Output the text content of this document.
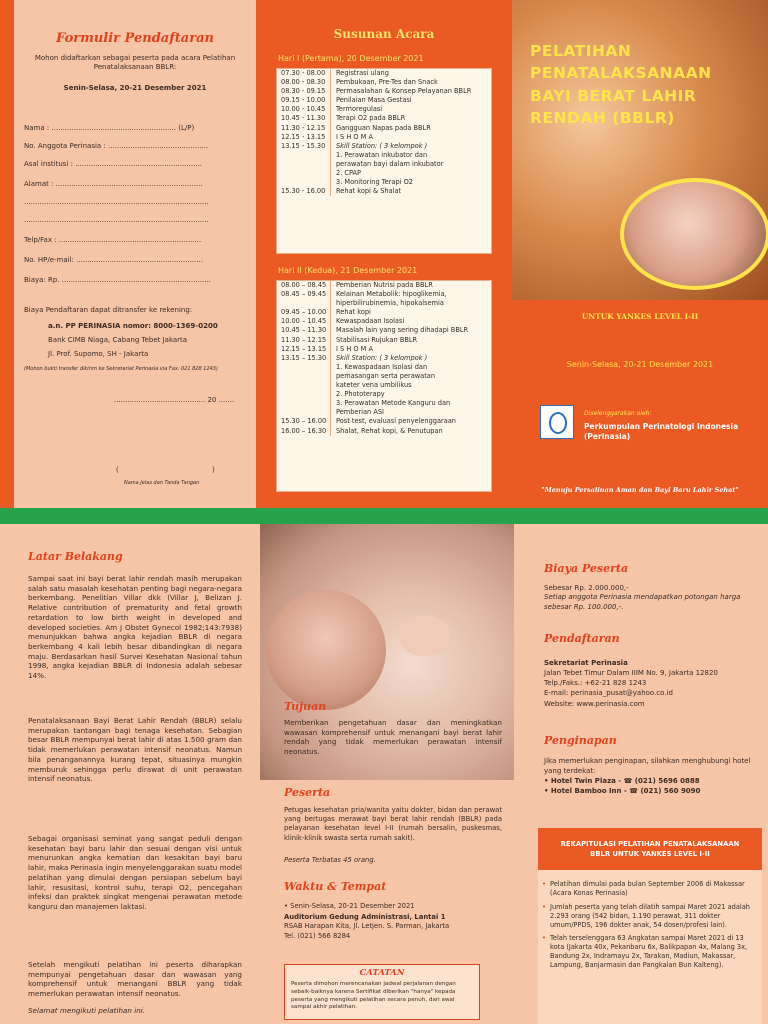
Formulir Pendaftaran
Mohon didaftarkan sebagai peserta pada acara Pelatihan Penatalaksanaan BBLR:
Senin-Selasa, 20-21 Desember 2021
Nama : ........................................................ (L/P)
No. Anggota Perinasia : .............................................
Asal institusi : .........................................................
Alamat : ..................................................................
...................................................................................
...................................................................................
Telp/Fax : ................................................................
No. HP/e-mail: .........................................................
Biaya: Rp. ...................................................................
Biaya Pendaftaran dapat ditransfer ke rekening:
a.n. PP PERINASIA nomor: 8000-1369-0200
Bank CIMB Niaga, Cabang Tebet Jakarta
Jl. Prof. Supomo, SH - Jakarta
(Mohon bukti transfer dikirim ke Sekretariat Perinasia via Fax. 021 828 1243)
......................................... 20 .......
(                                          )
Nama Jelas dan Tanda Tangan
Susunan Acara
Hari I (Pertama), 20 Desember 2021
07.30 - 08.00	Registrasi ulang
08.00 - 08.30	Pembukaan, Pre-Tes dan Snack
08.30 - 09.15	Permasalahan & Konsep Pelayanan BBLR
09.15 - 10.00	Penilaian Masa Gestasi
10.00 - 10.45	Termoregulasi
10.45 - 11.30	Terapi O2 pada BBLR
11.30 - 12.15	Gangguan Napas pada BBLR
12.15 - 13.15	I S H O M A
13.15 - 15.30	Skill Station: ( 3 kelompok )
1. Perawatan inkubator dan
perawatan bayi dalam inkubator
2. CPAP
3. Monitoring Terapi O2
15.30 - 16.00	Rehat kopi & Shalat
Hari II (Kedua), 21 Desember 2021
08.00 – 08.45	Pemberian Nutrisi pada BBLR
08.45 – 09.45	Kelainan Metabolik: hipoglikemia,
hiperbilirubinemia, hipokalsemia
09.45 – 10.00	Rehat kopi
10.00 – 10.45	Kewaspadaan Isolasi
10.45 – 11.30	Masalah lain yang sering dihadapi BBLR
11.30 – 12.15	Stabilisasi Rujukan BBLR
12.15 – 13.15	I S H O M A
13.15 – 15.30	Skill Station: ( 3 kelompok )
1. Kewaspadaan Isolasi dan
pemasangan serta perawatan
kateter vena umbilikus
2. Phototerapy
3. Perawatan Metode Kanguru dan
Pemberian ASI
15.30 – 16.00	Post test, evaluasi penyelenggaraan
16.00 – 16.30	Shalat, Rehat kopi, & Penutupan
PELATIHAN
PENATALAKSANAAN
BAYI BERAT LAHIR
RENDAH (BBLR)
UNTUK YANKES LEVEL I-II
Senin-Selasa, 20-21 Desember 2021
Diselenggarakan oleh:
Perkumpulan Perinatologi Indonesia
(Perinasia)
"Menuju Persalinan Aman dan Bayi Baru Lahir Sehat"
Latar Belakang
Sampai saat ini bayi berat lahir rendah masih merupakan salah satu masalah kesehatan penting bagi negara-negara berkembang. Penelitian Villar dkk (Villar J, Belizan J. Relative contribution of prematurity and fetal growth retardation to low birth weight in developed and developed societies. Am J Obstet Gynecol 1982;143:7938) menunjukkan bahwa angka kejadian BBLR di negara berkembang 4 kali lebih besar dibandingkan di negara maju. Berdasarkan hasil Survei Kesehatan Nasional tahun 1998, angka kejadian BBLR di Indonesia adalah sebesar 14%.
Penatalaksanaan Bayi Berat Lahir Rendah (BBLR) selalu merupakan tantangan bagi tenaga kesehatan. Sebagian besar BBLR mempunyai berat lahir di atas 1.500 gram dan tidak memerlukan perawatan intensif neonatus. Namun bila penanganannya kurang tepat, situasinya mungkin memburuk sehingga perlu dirawat di unit perawatan intensif neonatus.
Sebagai organisasi seminat yang sangat peduli dengan kesehatan bayi baru lahir dan sesuai dengan visi untuk menurunkan angka kematian dan kesakitan bayi baru lahir, maka Perinasia ingin menyelenggarakan suatu model pelatihan yang dimulai dengan persiapan sebelum bayi lahir, resusitasi, kontrol suhu, terapi O2, pencegahan infeksi dan praktek singkat mengenai perawatan metode kanguru dan manajemen laktasi.
Setelah mengikuti pelatihan ini peserta diharapkan mempunyai pengetahuan dasar dan wawasan yang komprehensif untuk menangani BBLR yang tidak memerlukan perawatan intensif neonatus.
Selamat mengikuti pelatihan ini.
Tujuan
Memberikan pengetahuan dasar dan meningkatkan wawasan komprehensif untuk menangani bayi berat lahir rendah yang tidak memerlukan perawatan intensif neonatus.
Peserta
Petugas kesehatan pria/wanita yaitu dokter, bidan dan perawat yang bertugas merawat bayi berat lahir rendah (BBLR) pada pelayanan kesehatan level I-II (rumah bersalin, puskesmas, klinik-klinik swasta serta rumah sakit).
Peserta Terbatas 45 orang.
Waktu & Tempat
• Senin-Selasa, 20-21 Desember 2021
Auditorium Gedung Administrasi, Lantai 1
RSAB Harapan Kita, Jl. Letjen. S. Parman, Jakarta
Tel. (021) 566 8284
CATATAN
Peserta dimohon merencanakan jadwal perjalanan dengan sebaik-baiknya karena Sertifikat diberikan "hanya" kepada peserta yang mengikuti pelatihan secara penuh, dari awal sampai akhir pelatihan.
Biaya Peserta
Sebesar Rp. 2.000.000,-
Setiap anggota Perinasia mendapatkan potongan harga sebesar Rp. 100.000,-.
Pendaftaran
Sekretariat Perinasia
Jalan Tebet Timur Dalam IIIM No. 9, Jakarta 12820
Telp./Faks.: +62-21 828 1243
E-mail: perinasia_pusat@yahoo.co.id
Website: www.perinasia.com
Penginapan
Jika memerlukan penginapan, silahkan menghubungi hotel yang terdekat:
• Hotel Twin Plaza - ☎ (021) 5696 0888
• Hotel Bamboo Inn - ☎ (021) 560 9090
REKAPITULASI PELATIHAN PENATALAKSANAAN
BBLR UNTUK YANKES LEVEL I-II
• Pelatihan dimulai pada bulan September 2006 di Makassar (Acara Konas Perinasia)
• Jumlah peserta yang telah dilatih sampai Maret 2021 adalah 2.293 orang (542 bidan, 1.190 perawat, 311 dokter umum/PPDS, 196 dokter anak, 54 dosen/profesi lain).
• Telah terselenggara 63 Angkatan sampai Maret 2021 di 13 kota (Jakarta 40x, Pekanbaru 6x, Balikpapan 4x, Malang 3x, Bandung 2x, Indramayu 2x, Tarakan, Madiun, Makassar, Lampung, Banjarmasin dan Pangkalan Bun Kalteng).
